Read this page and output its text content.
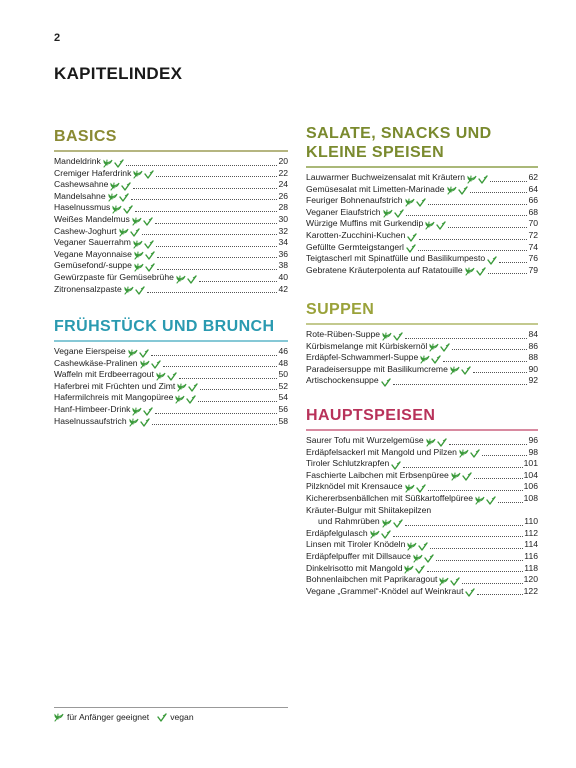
2
KAPITELINDEX
BASICS
Mandeldrink	20
Cremiger Haferdrink	22
Cashewsahne	24
Mandelsahne	26
Haselnussmus	28
Weißes Mandelmus	30
Cashew-Joghurt	32
Veganer Sauerrahm	34
Vegane Mayonnaise	36
Gemüsefond/-suppe	38
Gewürzpaste für Gemüsebrühe	40
Zitronensalzpaste	42
FRÜHSTÜCK UND BRUNCH
Vegane Eierspeise	46
Cashewkäse-Pralinen	48
Waffeln mit Erdbeerragout	50
Haferbrei mit Früchten und Zimt	52
Hafermilchreis mit Mangopüree	54
Hanf-Himbeer-Drink	56
Haselnussaufstrich	58
SALATE, SNACKS UND
KLEINE SPEISEN
Lauwarmer Buchweizensalat mit Kräutern	62
Gemüsesalat mit Limetten-Marinade	64
Feuriger Bohnenaufstrich	66
Veganer Eiaufstrich	68
Würzige Muffins mit Gurkendip	70
Karotten-Zucchini-Kuchen	72
Gefüllte Germteigstangerl	74
Teigtascherl mit Spinatfülle und Basilikumpesto	76
Gebratene Kräuterpolenta auf Ratatouille	79
SUPPEN
Rote-Rüben-Suppe	84
Kürbismelange mit Kürbiskernöl	86
Erdäpfel-Schwammerl-Suppe	88
Paradeisersuppe mit Basilikumcreme	90
Artischockensuppe	92
HAUPTSPEISEN
Saurer Tofu mit Wurzelgemüse	96
Erdäpfelsackerl mit Mangold und Pilzen	98
Tiroler Schlutzkrapfen	101
Faschierte Laibchen mit Erbsenpüree	104
Pilzknödel mit Krensauce	106
Kichererbsenbällchen mit Süßkartoffelpüree	108
Kräuter-Bulgur mit Shiitakepilzen
und Rahmrüben	110
Erdäpfelgulasch	112
Linsen mit Tiroler Knödeln	114
Erdäpfelpuffer mit Dillsauce	116
Dinkelrisotto mit Mangold	118
Bohnenlaibchen mit Paprikaragout	120
Vegane „Grammel“-Knödel auf Weinkraut	122
für Anfänger geeignet vegan
